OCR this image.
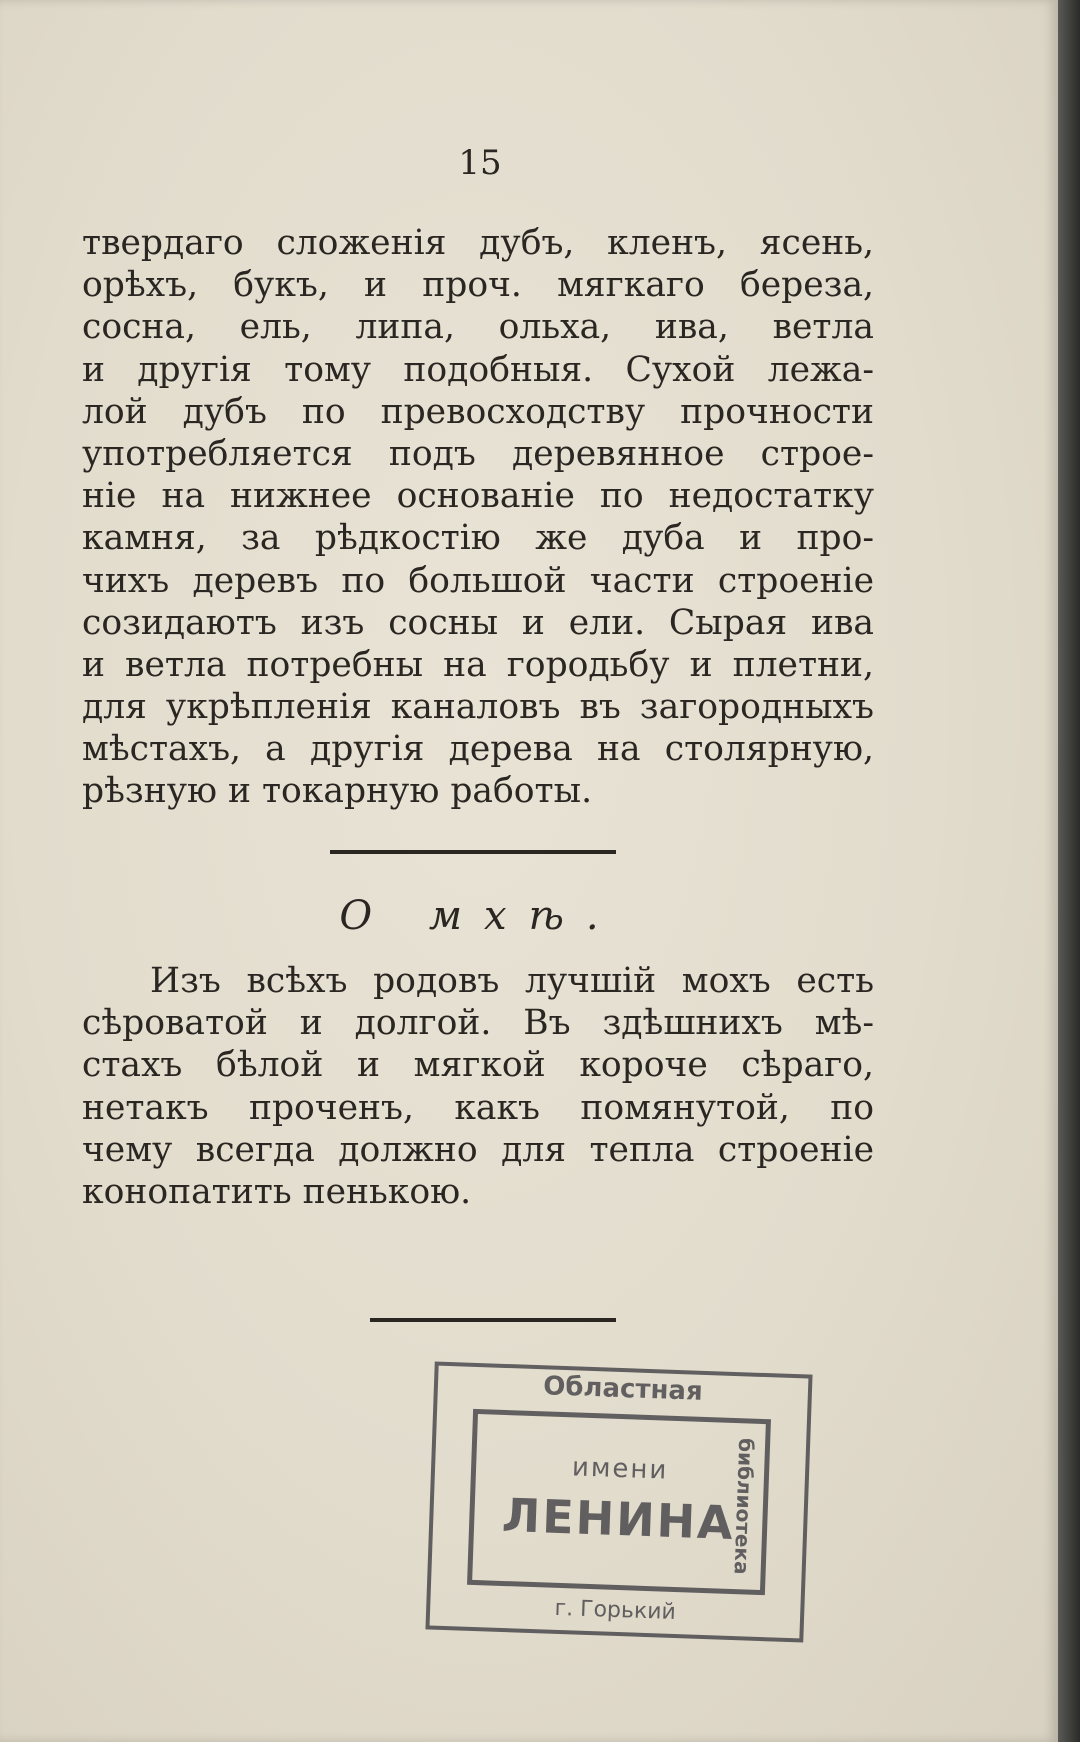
15
твердаго сложенія дубъ, кленъ, ясень,
орѣхъ, букъ, и проч. мягкаго береза,
сосна, ель, липа, ольха, ива, ветла
и другія тому подобныя. Сухой лежа-
лой дубъ по превосходству прочности
употребляется подъ деревянное строе-
ніе на нижнее основаніе по недостатку
камня, за рѣдкостію же дуба и про-
чихъ деревъ по большой части строеніе
созидаютъ изъ сосны и ели. Сырая ива
и ветла потребны на городьбу и плетни,
для укрѣпленія каналовъ въ загородныхъ
мѣстахъ, а другія дерева на столярную,
рѣзную и токарную работы.
О мхѣ.
Изъ всѣхъ родовъ лучшій мохъ есть
сѣроватой и долгой. Въ здѣшнихъ мѣ-
стахъ бѣлой и мягкой короче сѣраго,
нетакъ проченъ, какъ помянутой, по
чему всегда должно для тепла строеніе
конопатить пенькою.
Областная
имени
ЛЕНИНА
г. Горький
библиотека
